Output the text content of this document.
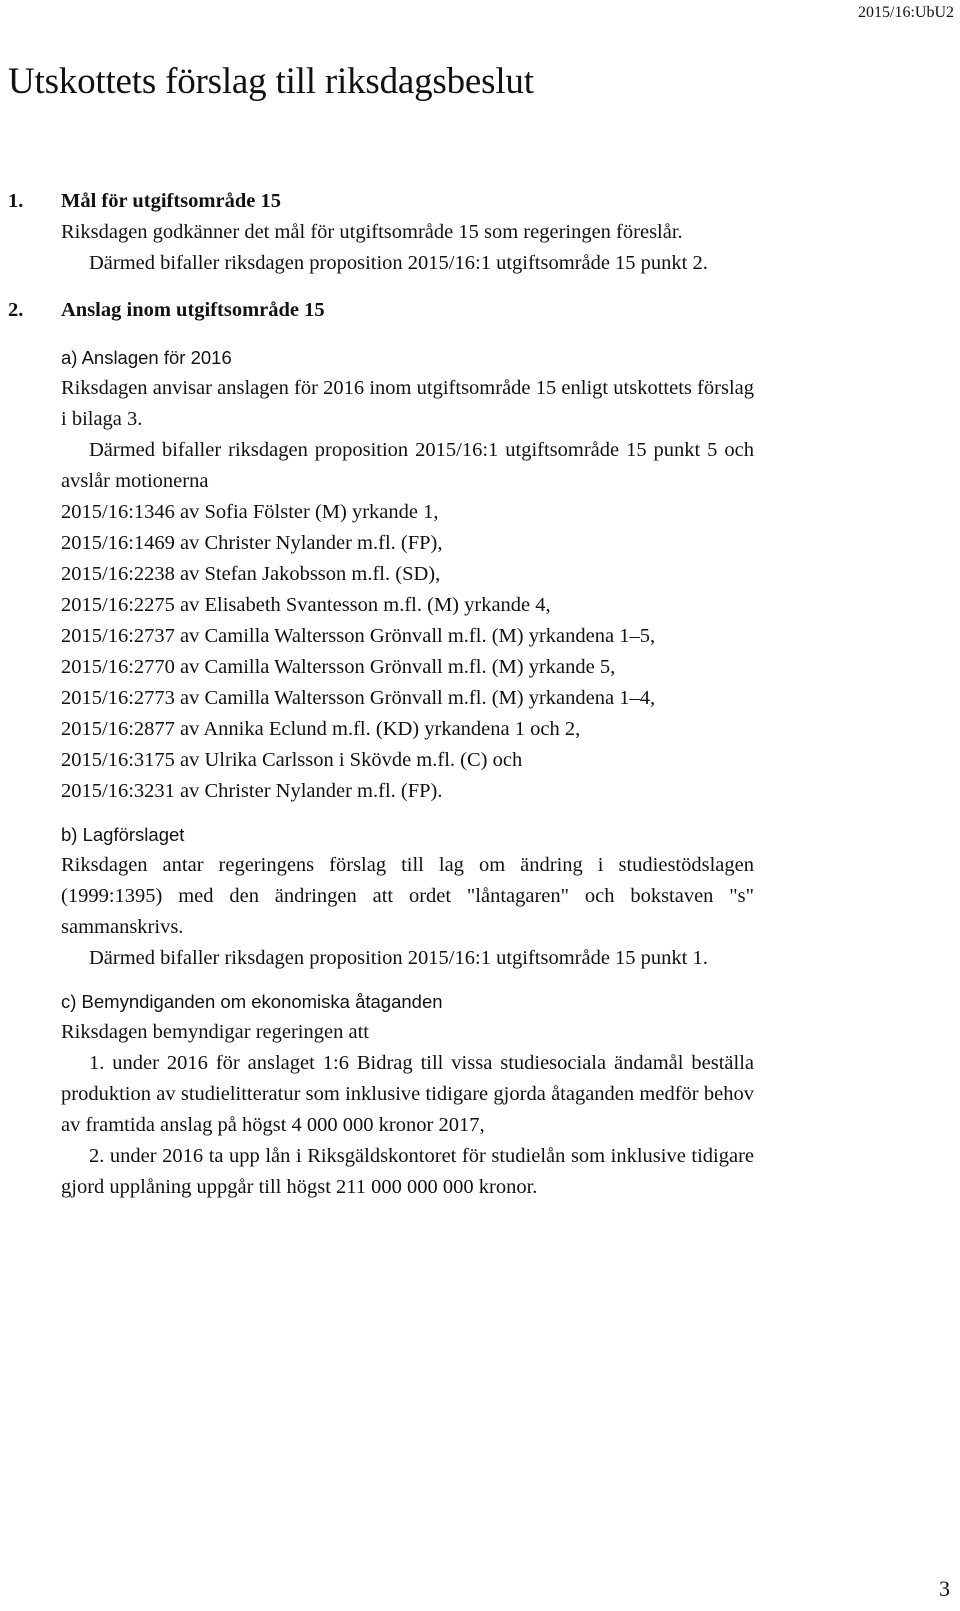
2015/16:UbU2
Utskottets förslag till riksdagsbeslut
1. Mål för utgiftsområde 15

Riksdagen godkänner det mål för utgiftsområde 15 som regeringen föreslår.

Därmed bifaller riksdagen proposition 2015/16:1 utgiftsområde 15 punkt 2.

2. Anslag inom utgiftsområde 15

a) Anslagen för 2016

Riksdagen anvisar anslagen för 2016 inom utgiftsområde 15 enligt utskottets förslag i bilaga 3.

Därmed bifaller riksdagen proposition 2015/16:1 utgiftsområde 15 punkt 5 och avslår motionerna

2015/16:1346 av Sofia Fölster (M) yrkande 1,
2015/16:1469 av Christer Nylander m.fl. (FP),
2015/16:2238 av Stefan Jakobsson m.fl. (SD),
2015/16:2275 av Elisabeth Svantesson m.fl. (M) yrkande 4,
2015/16:2737 av Camilla Waltersson Grönvall m.fl. (M) yrkandena 1–5,
2015/16:2770 av Camilla Waltersson Grönvall m.fl. (M) yrkande 5,
2015/16:2773 av Camilla Waltersson Grönvall m.fl. (M) yrkandena 1–4,
2015/16:2877 av Annika Eclund m.fl. (KD) yrkandena 1 och 2,
2015/16:3175 av Ulrika Carlsson i Skövde m.fl. (C) och
2015/16:3231 av Christer Nylander m.fl. (FP).

b) Lagförslaget

Riksdagen antar regeringens förslag till lag om ändring i studiestödslagen (1999:1395) med den ändringen att ordet "låntagaren" och bokstaven "s" sammanskrivs.

Därmed bifaller riksdagen proposition 2015/16:1 utgiftsområde 15 punkt 1.

c) Bemyndiganden om ekonomiska åtaganden

Riksdagen bemyndigar regeringen att

1. under 2016 för anslaget 1:6 Bidrag till vissa studiesociala ändamål beställa produktion av studielitteratur som inklusive tidigare gjorda åtaganden medför behov av framtida anslag på högst 4 000 000 kronor 2017,

2. under 2016 ta upp lån i Riksgäldskontoret för studielån som inklusive tidigare gjord upplåning uppgår till högst 211 000 000 000 kronor.

3
